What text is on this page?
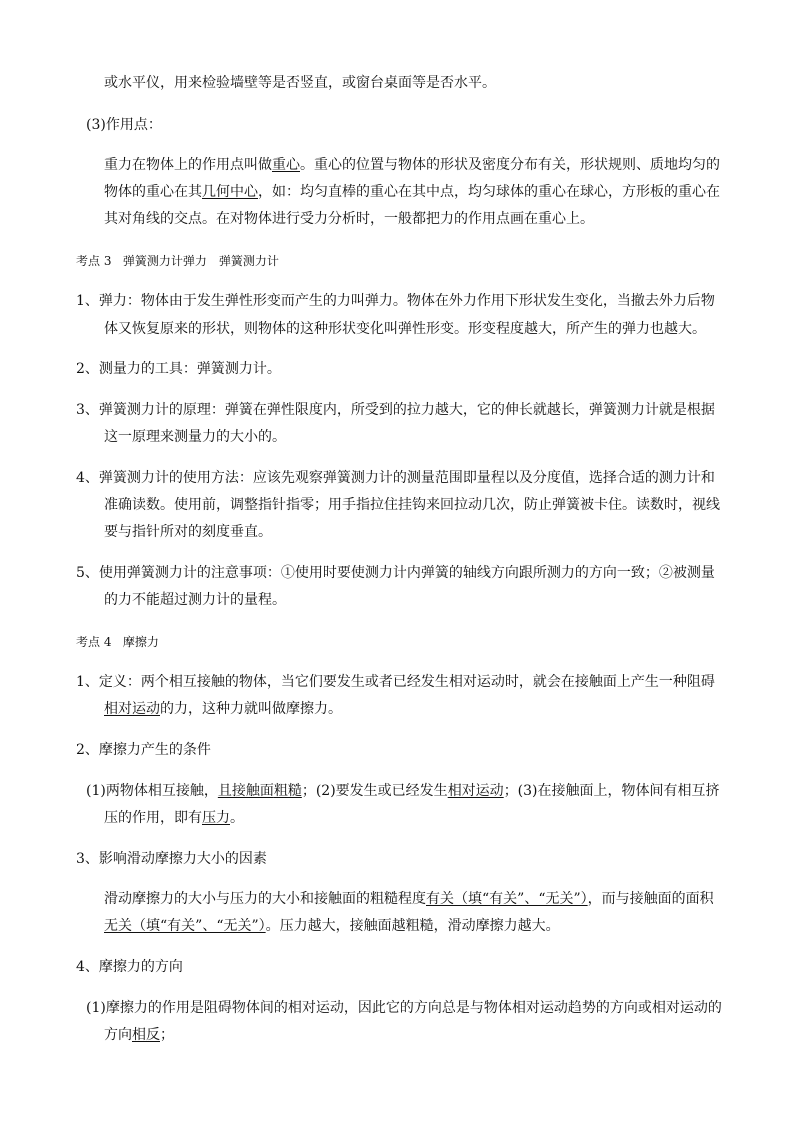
或水平仪，用来检验墙壁等是否竖直，或窗台桌面等是否水平。
(3)作用点：
重力在物体上的作用点叫做重心。重心的位置与物体的形状及密度分布有关，形状规则、质地均匀的
物体的重心在其几何中心，如：均匀直棒的重心在其中点，均匀球体的重心在球心，方形板的重心在
其对角线的交点。在对物体进行受力分析时，一般都把力的作用点画在重心上。
考点 3 弹簧测力计弹力　弹簧测力计
1、弹力：物体由于发生弹性形变而产生的力叫弹力。物体在外力作用下形状发生变化，当撤去外力后物
体又恢复原来的形状，则物体的这种形状变化叫弹性形变。形变程度越大，所产生的弹力也越大。
2、测量力的工具：弹簧测力计。
3、弹簧测力计的原理：弹簧在弹性限度内，所受到的拉力越大，它的伸长就越长，弹簧测力计就是根据
这一原理来测量力的大小的。
4、弹簧测力计的使用方法：应该先观察弹簧测力计的测量范围即量程以及分度值，选择合适的测力计和
准确读数。使用前，调整指针指零；用手指拉住挂钩来回拉动几次，防止弹簧被卡住。读数时，视线
要与指针所对的刻度垂直。
5、使用弹簧测力计的注意事项：①使用时要使测力计内弹簧的轴线方向跟所测力的方向一致；②被测量
的力不能超过测力计的量程。
考点 4 摩擦力
1、定义：两个相互接触的物体，当它们要发生或者已经发生相对运动时，就会在接触面上产生一种阻碍
相对运动的力，这种力就叫做摩擦力。
2、摩擦力产生的条件
(1)两物体相互接触，且接触面粗糙；(2)要发生或已经发生相对运动；(3)在接触面上，物体间有相互挤
压的作用，即有压力。
3、影响滑动摩擦力大小的因素
滑动摩擦力的大小与压力的大小和接触面的粗糙程度有关（填“有关”、“无关”），而与接触面的面积
无关（填“有关”、“无关”）。压力越大，接触面越粗糙，滑动摩擦力越大。
4、摩擦力的方向
(1)摩擦力的作用是阻碍物体间的相对运动，因此它的方向总是与物体相对运动趋势的方向或相对运动的
方向相反；
